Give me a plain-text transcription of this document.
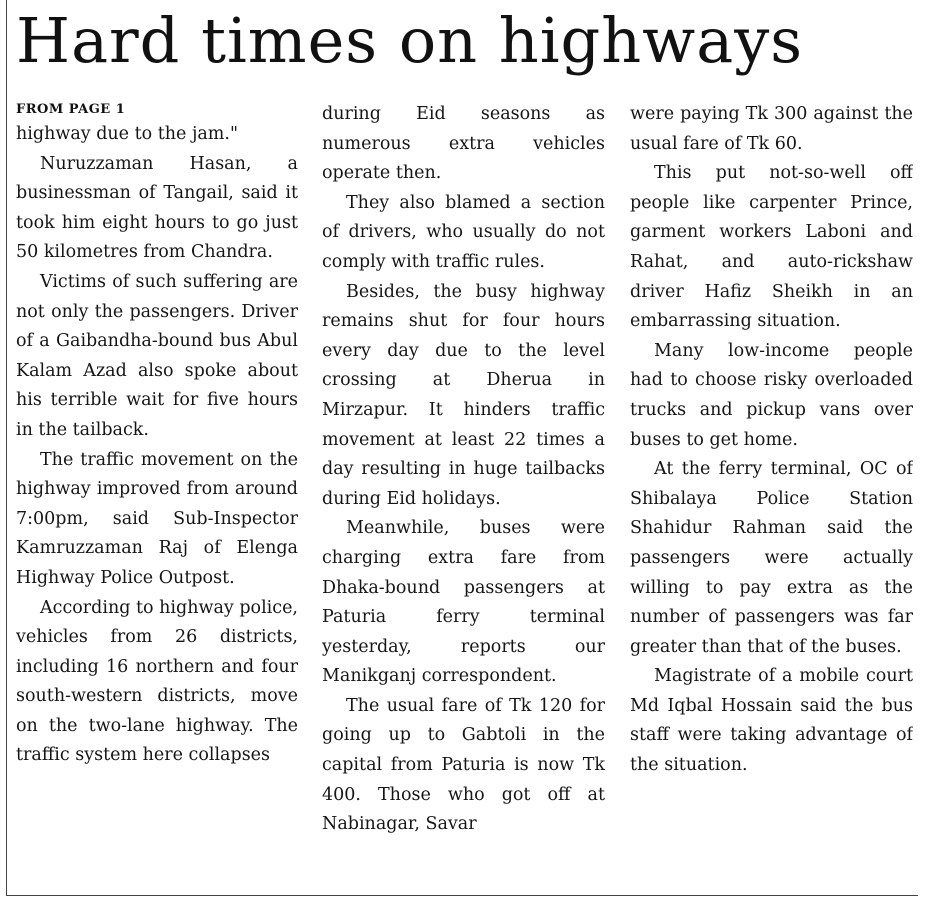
Hard times on highways
FROM PAGE 1

highway due to the jam."

Nuruzzaman Hasan, a businessman of Tangail, said it took him eight hours to go just 50 kilometres from Chandra.

Victims of such suffering are not only the passengers. Driver of a Gaibandha-bound bus Abul Kalam Azad also spoke about his terrible wait for five hours in the tailback.

The traffic movement on the highway improved from around 7:00pm, said Sub-Inspector Kamruzzaman Raj of Elenga Highway Police Outpost.

According to highway police, vehicles from 26 districts, including 16 northern and four south-western districts, move on the two-lane highway. The traffic system here collapses

during Eid seasons as numerous extra vehicles operate then.

They also blamed a section of drivers, who usually do not comply with traffic rules.

Besides, the busy highway remains shut for four hours every day due to the level crossing at Dherua in Mirzapur. It hinders traffic movement at least 22 times a day resulting in huge tailbacks during Eid holidays.

Meanwhile, buses were charging extra fare from Dhaka-bound passengers at Paturia ferry terminal yesterday, reports our Manikganj correspondent.

The usual fare of Tk 120 for going up to Gabtoli in the capital from Paturia is now Tk 400. Those who got off at Nabinagar, Savar

were paying Tk 300 against the usual fare of Tk 60.

This put not-so-well off people like carpenter Prince, garment workers Laboni and Rahat, and auto-rickshaw driver Hafiz Sheikh in an embarrassing situation.

Many low-income people had to choose risky overloaded trucks and pickup vans over buses to get home.

At the ferry terminal, OC of Shibalaya Police Station Shahidur Rahman said the passengers were actually willing to pay extra as the number of passengers was far greater than that of the buses.

Magistrate of a mobile court Md Iqbal Hossain said the bus staff were taking advantage of the situation.
